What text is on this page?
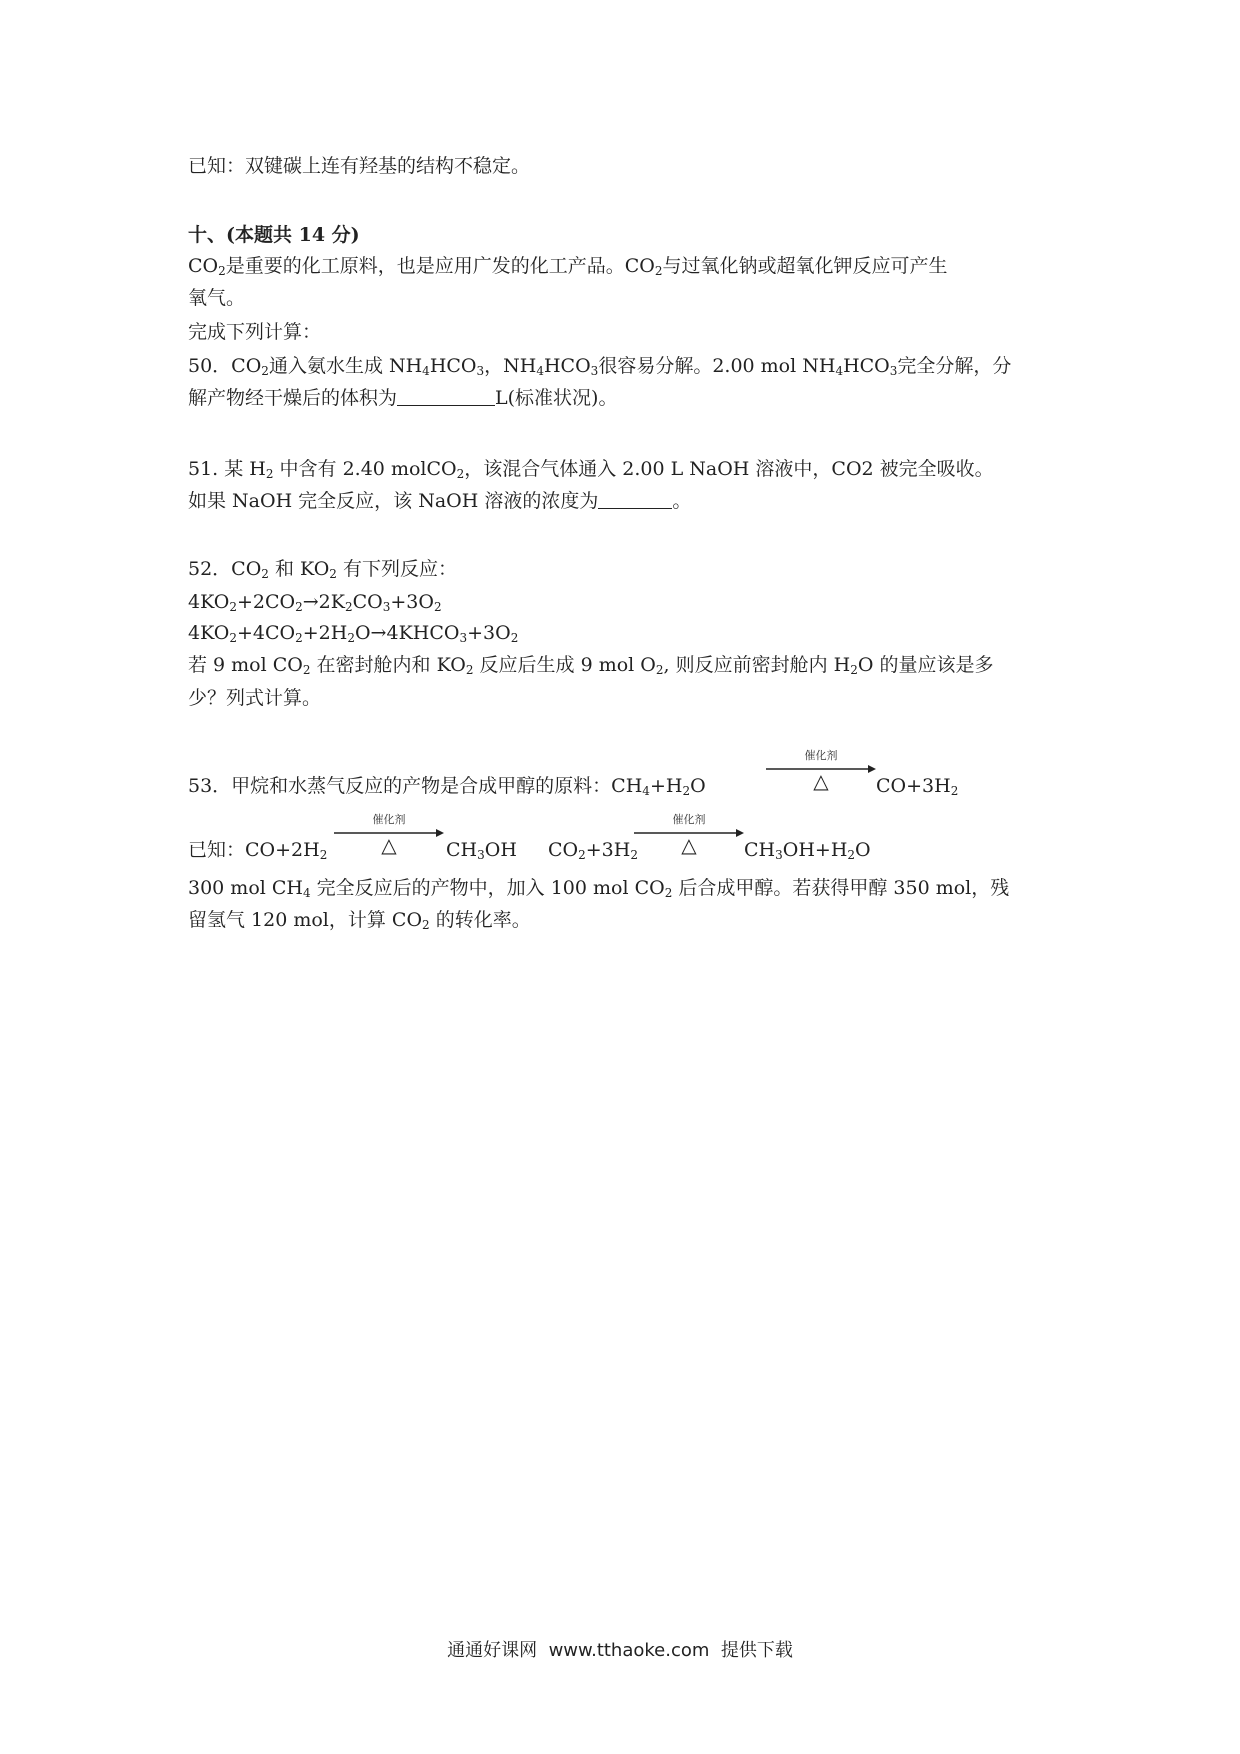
已知：双键碳上连有羟基的结构不稳定。
十、(本题共 14 分)
$CO_2$是重要的化工原料，也是应用广发的化工产品。$CO_2$与过氧化钠或超氧化钾反应可产生
氧气。
完成下列计算：
50．$CO_2$通入氨水生成 $NH_4HCO_3$，$NH_4HCO_3$很容易分解。2.00 mol $NH_4HCO_3$完全分解，分
解产物经干燥后的体积为	L(标准状况)。
51. 某 $H_2$ 中含有 2.40 molCO$_2$，该混合气体通入 2.00 L NaOH 溶液中，CO2 被完全吸收。
如果 NaOH 完全反应，该 NaOH 溶液的浓度为	。
52．$CO_2$ 和 $KO_2$ 有下列反应：
$4KO_2+2CO_2\to 2K_2CO_3+3O_2$
$4KO_2+4CO_2+2H_2O\to 4KHCO_3+3O_2$
若 9 mol $CO_2$ 在密封舱内和 $KO_2$ 反应后生成 9 mol $O_2$, 则反应前密封舱内 $H_2O$ 的量应该是多
少？列式计算。
53．甲烷和水蒸气反应的产物是合成甲醇的原料：$CH_4+H_2O$
催化剂
△	$CO+3H_2$
已知：$CO+2H_2$
催化剂
△	$CH_3OH$ $CO_2+3H_2$
催化剂
△	$CH_3OH+H_2O$
300 mol $CH_4$ 完全反应后的产物中，加入 100 mol $CO_2$ 后合成甲醇。若获得甲醇 350 mol，残
留氢气 120 mol，计算 $CO_2$ 的转化率。
通通好课网 www.tthaoke.com 提供下载
